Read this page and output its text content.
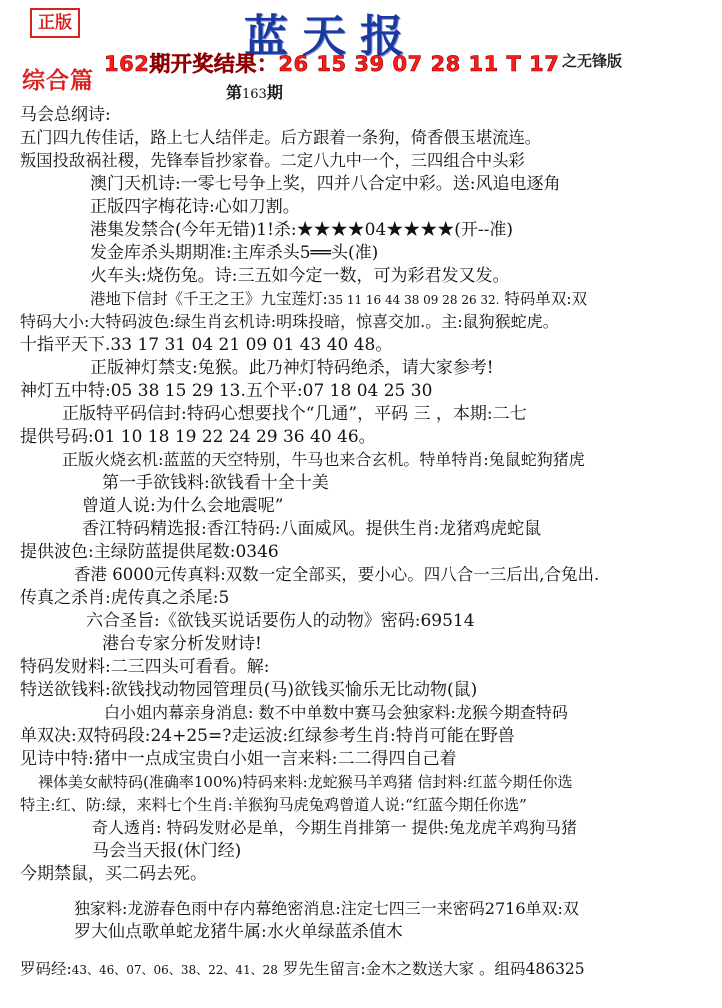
正版	蓝天报
162期开奖结果：26 15 39 07 28 11 T 17 之无锋版
综合篇	第163期
马会总纲诗:
五门四九传佳话，路上七人结伴走。后方跟着一条狗，倚香偎玉堪流连。
叛国投敌祸社稷，先锋奉旨抄家眷。二定八九中一个，三四组合中头彩
澳门天机诗:一零七号争上奖，四并八合定中彩。送:风追电逐角
正版四字梅花诗:心如刀割。
港集发禁合(今年无错)1!杀:★★★★04★★★★(开--准)
发金库杀头期期准:主库杀头5══头(准)
火车头:烧伤兔。诗:三五如今定一数，可为彩君发又发。
港地下信封《千王之王》九宝莲灯:35 11 16 44 38 09 28 26 32. 特码单双:双
特码大小:大特码波色:绿生肖玄机诗:明珠投暗，惊喜交加.。主:鼠狗猴蛇虎。
十指平天下.33 17 31 04 21 09 01 43 40 48。
正版神灯禁支:兔猴。此乃神灯特码绝杀，请大家参考!
神灯五中特:05 38 15 29 13.五个平:07 18 04 25 30
正版特平码信封:特码心想要找个“几通”，平码 三 ，本期:二七
提供号码:01 10 18 19 22 24 29 36 40 46。
正版火烧玄机:蓝蓝的天空特别，牛马也来合玄机。特单特肖:兔鼠蛇狗猪虎
第一手欲钱料:欲钱看十全十美
曾道人说:为什么会地震呢”
香江特码精选报:香江特码:八面威风。提供生肖:龙猪鸡虎蛇鼠
提供波色:主绿防蓝提供尾数:0346
香港 6000元传真料:双数一定全部买，要小心。四八合一三后出,合兔出.
传真之杀肖:虎传真之杀尾:5
六合圣旨:《欲钱买说话要伤人的动物》密码:69514
港台专家分析发财诗!
特码发财料:二三四头可看看。解:
特送欲钱料:欲钱找动物园管理员(马)欲钱买愉乐无比动物(鼠)
白小姐内幕亲身消息: 数不中单数中赛马会独家料:龙猴今期查特码
单双决:双特码段:24+25=?走运波:红绿参考生肖:特肖可能在野兽
见诗中特:猪中一点成宝贵白小姐一言来料:二二得四自己着
裸体美女献特码(准确率100%)特码来料:龙蛇猴马羊鸡猪 信封料:红蓝今期任你选
特主:红、防:绿，来料七个生肖:羊猴狗马虎兔鸡曾道人说:“红蓝今期任你选”
奇人透肖: 特码发财必是单，今期生肖排第一 提供:兔龙虎羊鸡狗马猪
马会当天报(休门经)
今期禁鼠，买二码去死。
独家料:龙游春色雨中存内幕绝密消息:注定七四三一来密码2716单双:双
罗大仙点歌单蛇龙猪牛属:水火单绿蓝杀值木
罗码经:43、46、07、06、38、22、41、28 罗先生留言:金木之数送大家 。组码486325
